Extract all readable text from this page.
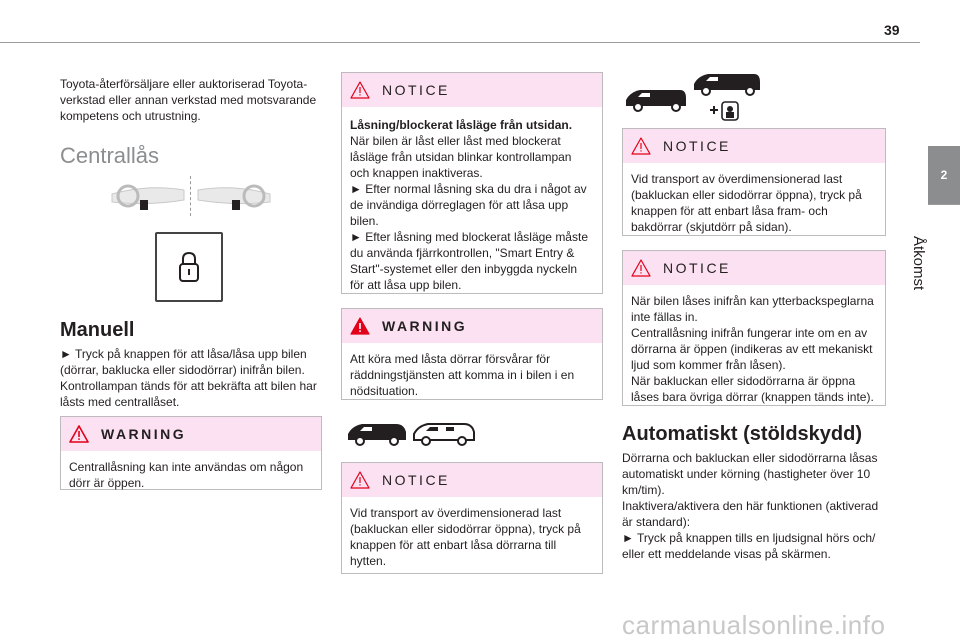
39
2
Åtkomst

Toyota-återförsäljare eller auktoriserad Toyota-verkstad eller annan verkstad med motsvarande kompetens och utrustning.

Centrallås
Manuell

► Tryck på knappen för att låsa/låsa upp bilen (dörrar, baklucka eller sidodörrar) inifrån bilen.

Kontrollampan tänds för att bekräfta att bilen har låsts med centrallåset.

WARNING

Centrallåsning kan inte användas om någon dörr är öppen.

NOTICE

Låsning/blockerat låsläge från utsidan.

När bilen är låst eller låst med blockerat låsläge från utsidan blinkar kontrollampan och knappen inaktiveras.

► Efter normal låsning ska du dra i något av de invändiga dörreglagen för att låsa upp bilen.

► Efter låsning med blockerat låsläge måste du använda fjärrkontrollen, "Smart Entry & Start"-systemet eller den inbyggda nyckeln för att låsa upp bilen.

WARNING

Att köra med låsta dörrar försvårar för räddningstjänsten att komma in i bilen i en nödsituation.

NOTICE

Vid transport av överdimensionerad last (bakluckan eller sidodörrar öppna), tryck på knappen för att enbart låsa dörrarna till hytten.

NOTICE

Vid transport av överdimensionerad last (bakluckan eller sidodörrar öppna), tryck på knappen för att enbart låsa fram- och bakdörrar (skjutdörr på sidan).

NOTICE

När bilen låses inifrån kan ytterbackspeglarna inte fällas in.

Centrallåsning inifrån fungerar inte om en av dörrarna är öppen (indikeras av ett mekaniskt ljud som kommer från låsen).

När bakluckan eller sidodörrarna är öppna låses bara övriga dörrar (knappen tänds inte).

Automatiskt (stöldskydd)

Dörrarna och bakluckan eller sidodörrarna låsas automatiskt under körning (hastigheter över 10 km/tim).

Inaktivera/aktivera den här funktionen (aktiverad är standard):

► Tryck på knappen tills en ljudsignal hörs och/ eller ett meddelande visas på skärmen.

carmanualsonline.info
